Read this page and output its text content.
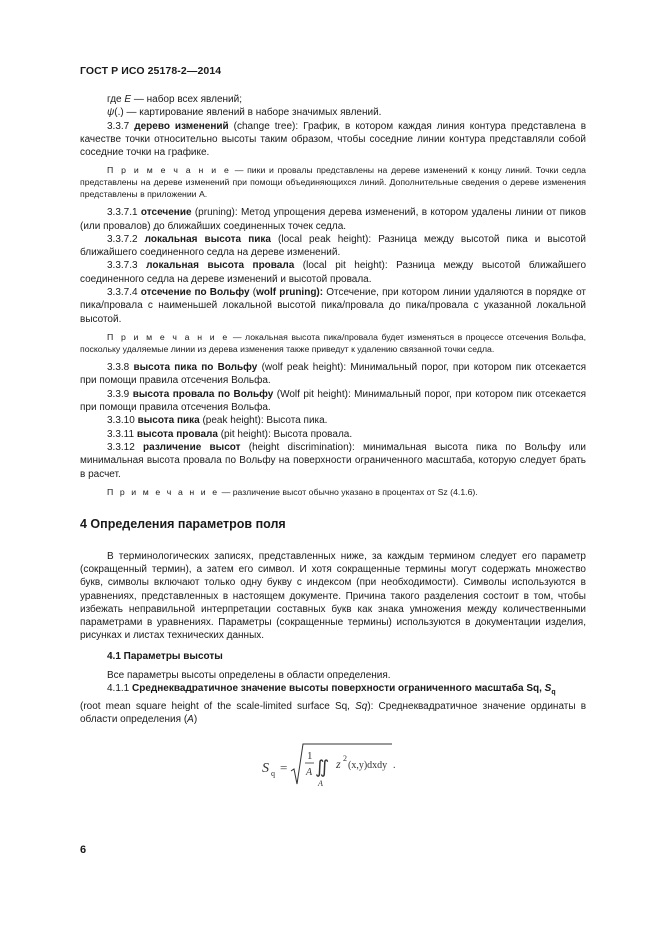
ГОСТ Р ИСО 25178-2—2014

где E — набор всех явлений;

ψ(.) — картирование явлений в наборе значимых явлений.

3.3.7 дерево изменений (change tree): График, в котором каждая линия контура представлена в качестве точки относительно высоты таким образом, чтобы соседние линии контура представляли собой соседние точки на графике.

П р и м е ч а н и е — пики и провалы представлены на дереве изменений к концу линий. Точки седла представлены на дереве изменений при помощи объединяющихся линий. Дополнительные сведения о дереве изменения представлены в приложении А.

3.3.7.1 отсечение (pruning): Метод упрощения дерева изменений, в котором удалены линии от пиков (или провалов) до ближайших соединенных точек седла.

3.3.7.2 локальная высота пика (local peak height): Разница между высотой пика и высотой ближайшего соединенного седла на дереве изменений.

3.3.7.3 локальная высота провала (local pit height): Разница между высотой ближайшего соединенного седла на дереве изменений и высотой провала.

3.3.7.4 отсечение по Вольфу (wolf pruning): Отсечение, при котором линии удаляются в порядке от пика/провала с наименьшей локальной высотой пика/провала до пика/провала с указанной локальной высотой.

П р и м е ч а н и е — локальная высота пика/провала будет изменяться в процессе отсечения Вольфа, поскольку удаляемые линии из дерева изменения также приведут к удалению связанной точки седла.

3.3.8 высота пика по Вольфу (wolf peak height): Минимальный порог, при котором пик отсекается при помощи правила отсечения Вольфа.

3.3.9 высота провала по Вольфу (Wolf pit height): Минимальный порог, при котором пик отсекается при помощи правила отсечения Вольфа.

3.3.10 высота пика (peak height): Высота пика.

3.3.11 высота провала (pit height): Высота провала.

3.3.12 различение высот (height discrimination): минимальная высота пика по Вольфу или минимальная высота провала по Вольфу на поверхности ограниченного масштаба, которую следует брать в расчет.

П р и м е ч а н и е — различение высот обычно указано в процентах от Sz (4.1.6).

4 Определения параметров поля

В терминологических записях, представленных ниже, за каждым термином следует его параметр (сокращенный термин), а затем его символ. И хотя сокращенные термины могут содержать множество букв, символы включают только одну букву с индексом (при необходимости). Символы используются в уравнениях, представленных в настоящем документе. Причина такого разделения состоит в том, чтобы избежать неправильной интерпретации составных букв как знака умножения между количественными параметрами в уравнениях. Параметры (сокращенные термины) используются в документации изделия, рисунках и листах технических данных.

4.1 Параметры высоты

Все параметры высоты определены в области определения.

4.1.1 Среднеквадратичное значение высоты поверхности ограниченного масштаба Sq, $S_q$
(root mean square height of the scale-limited surface Sq, Sq): Среднеквадратичное значение ординаты в области определения (A)

S q =
1
A ∬
A
z 2
(x,y)dxdy .
6
